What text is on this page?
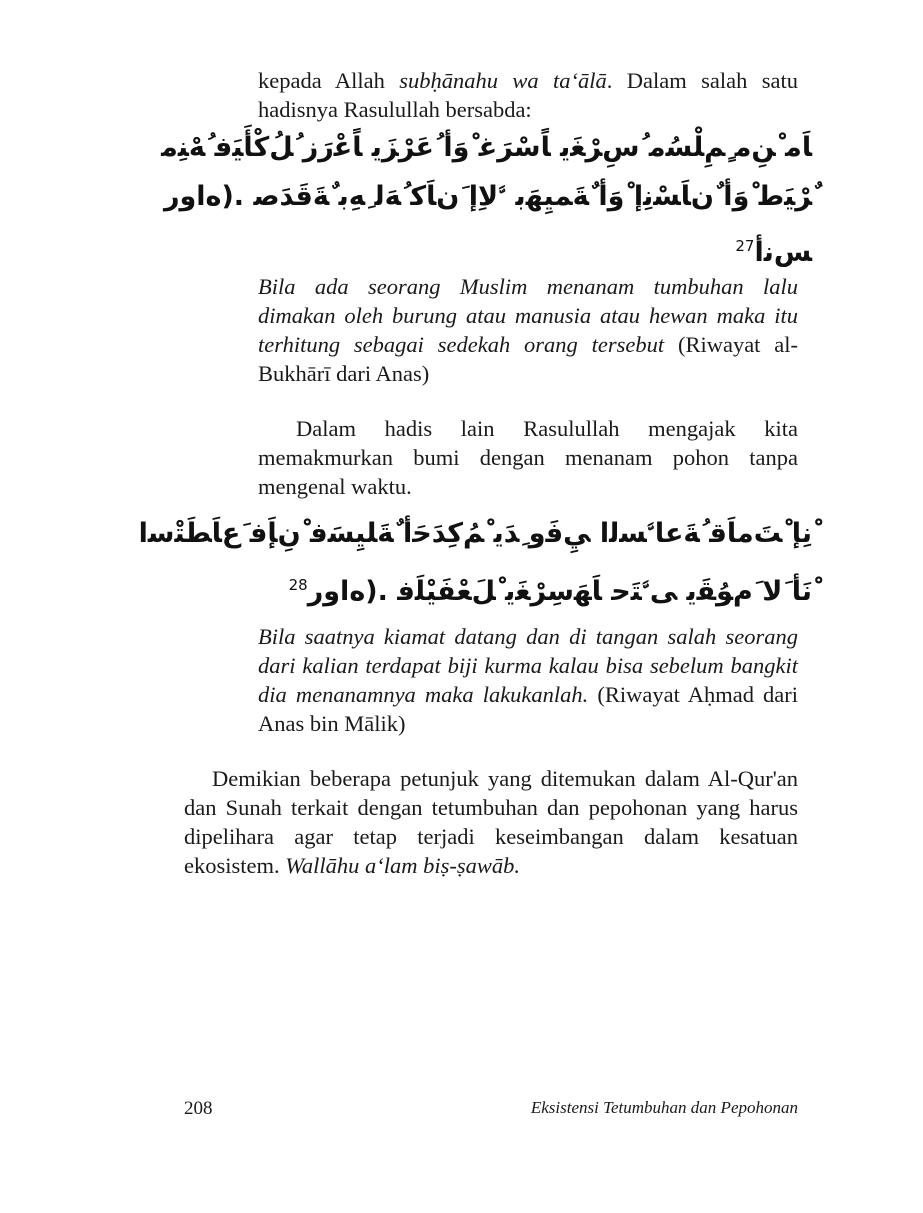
kepada Allah subḥānahu wa ta‘ālā. Dalam salah satu hadisnya Rasulullah bersabda:

ﺎَﻣ ْﻦِﻣ ٍﻢِﻠْﺴُﻣ ُسِﺮْﻐَﻳ ﺎًﺳْﺮَﻏ ْوَأ ُعَرْﺰَﻳ ﺎًﻋْرَز ُﻞُﻛْﺄَﻴَﻓ ُﻪْﻨِﻣ
ٌﺮْﻴَﻃ ْوَأ ٌنﺎَﺴْﻧِإ ْوَأ ٌﺔَﻤﻴِﻬَﺑ ﱠﻻِإ َنﺎَﻛ ُﻪَﻟ ِﻪِﺑ ٌﺔَﻗَﺪَﺻ .(ﻩاور
$^{27}$ﺲﻧأ

Bila ada seorang Muslim menanam tumbuhan lalu dimakan oleh burung atau manusia atau hewan maka itu terhitung sebagai sedekah orang tersebut (Riwayat al-Bukhārī dari Anas)

Dalam hadis lain Rasulullah mengajak kita memakmurkan bumi dengan menanam pohon tanpa mengenal waktu.

ْنِإ ْﺖَﻣﺎَﻗ ُﺔَﻋﺎﱠﺴﻟا ﻲِﻓَو ِﺪَﻳ ْﻢُﻛِﺪَﺣَأ ٌﺔَﻠﻴِﺴَﻓ ْنِﺈَﻓ َعﺎَﻄَﺘْﺳا
$^{28}$ْنَأ َﻻ َمﻮُﻘَﻳ ﻰﱠﺘَﺣ ﺎَﻬَﺳِﺮْﻐَﻳ ْﻞَﻌْﻔَﻴْﻠَﻓ .(ﻩاور

Bila saatnya kiamat datang dan di tangan salah seorang dari kalian terdapat biji kurma kalau bisa sebelum bangkit dia menanamnya maka lakukanlah. (Riwayat Aḥmad dari Anas bin Mālik)

Demikian beberapa petunjuk yang ditemukan dalam Al-Qur'an dan Sunah terkait dengan tetumbuhan dan pepohonan yang harus dipelihara agar tetap terjadi keseimbangan dalam kesatuan ekosistem. Wallāhu a‘lam biṣ-ṣawāb.

208	Eksistensi Tetumbuhan dan Pepohonan
